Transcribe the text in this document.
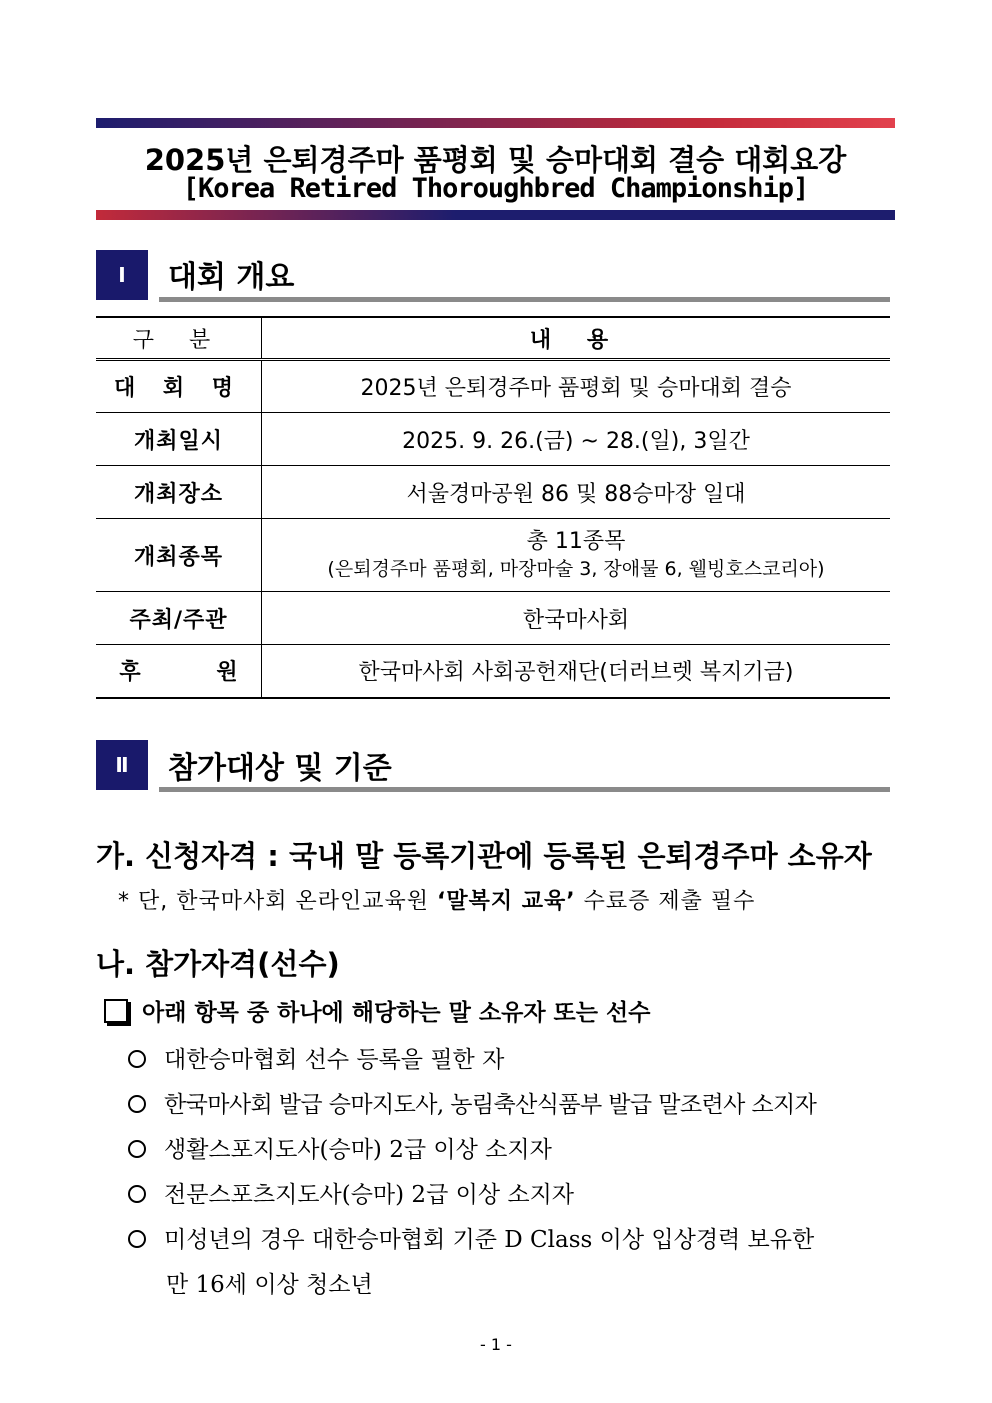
2025년 은퇴경주마 품평회 및 승마대회 결승 대회요강
[Korea Retired Thoroughbred Championship]
Ⅰ	대회 개요
구 분	내 용
대 회 명	2025년 은퇴경주마 품평회 및 승마대회 결승
개최일시	2025. 9. 26.(금) ~ 28.(일), 3일간
개최장소	서울경마공원 86 및 88승마장 일대
개최종목	총 11종목
(은퇴경주마 품평회, 마장마술 3, 장애물 6, 웰빙호스코리아)

주최/주관	한국마사회
후 원	한국마사회 사회공헌재단(더러브렛 복지기금)
Ⅱ	참가대상 및 기준
가. 신청자격 : 국내 말 등록기관에 등록된 은퇴경주마 소유자
* 단, 한국마사회 온라인교육원 ‘말복지 교육’ 수료증 제출 필수
나. 참가자격(선수)
아래 항목 중 하나에 해당하는 말 소유자 또는 선수
대한승마협회 선수 등록을 필한 자
한국마사회 발급 승마지도사, 농림축산식품부 발급 말조련사 소지자
생활스포지도사(승마) 2급 이상 소지자
전문스포츠지도사(승마) 2급 이상 소지자
미성년의 경우 대한승마협회 기준 D Class 이상 입상경력 보유한
만 16세 이상 청소년
- 1 -
